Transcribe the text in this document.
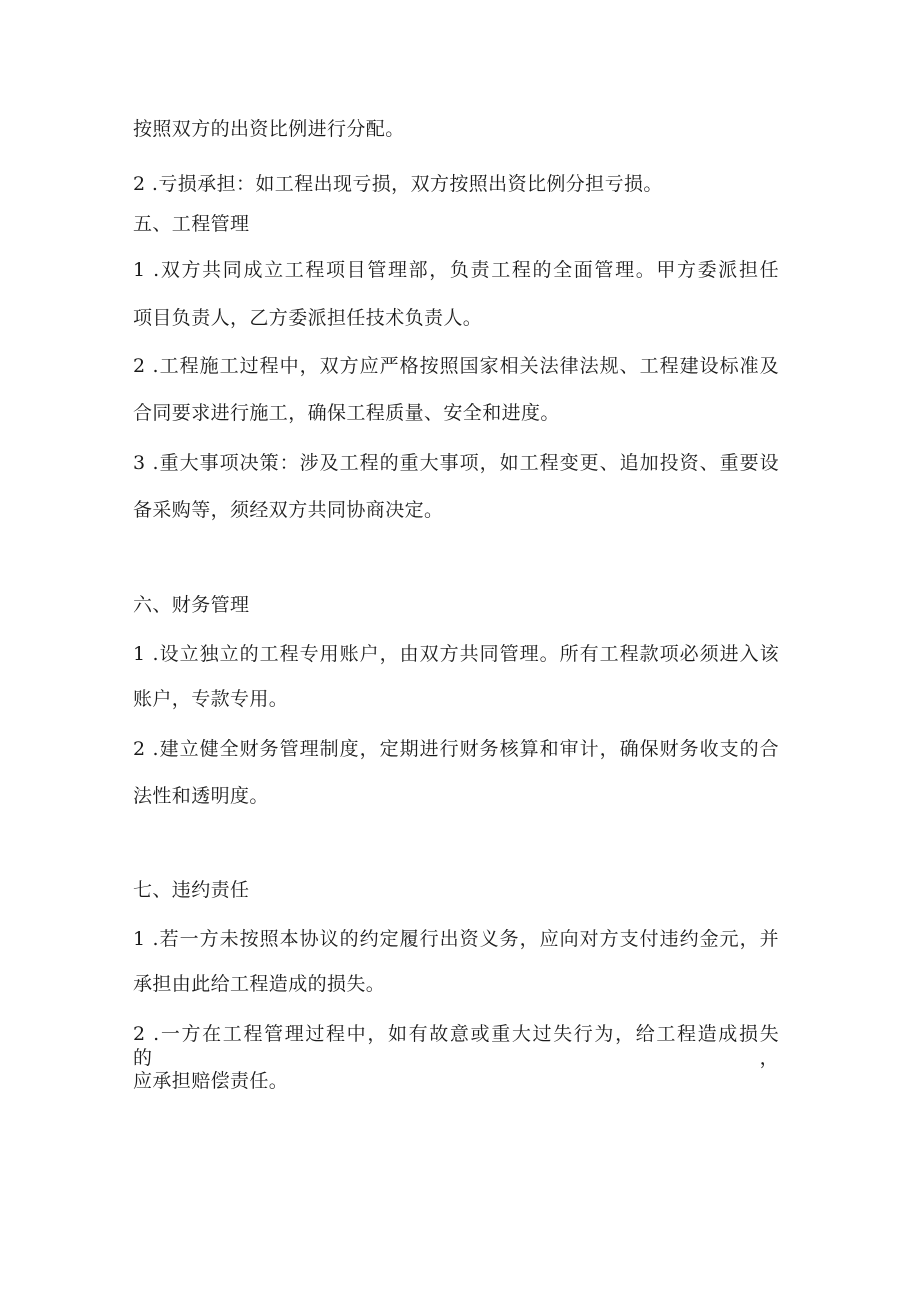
按照双方的出资比例进行分配。
2 .亏损承担：如工程出现亏损，双方按照出资比例分担亏损。
五、工程管理
1 .双方共同成立工程项目管理部，负责工程的全面管理。甲方委派担任
项目负责人，乙方委派担任技术负责人。
2 .工程施工过程中，双方应严格按照国家相关法律法规、工程建设标准及
合同要求进行施工，确保工程质量、安全和进度。
3 .重大事项决策：涉及工程的重大事项，如工程变更、追加投资、重要设
备采购等，须经双方共同协商决定。
六、财务管理
1 .设立独立的工程专用账户，由双方共同管理。所有工程款项必须进入该
账户，专款专用。
2 .建立健全财务管理制度，定期进行财务核算和审计，确保财务收支的合
法性和透明度。
七、违约责任
1 .若一方未按照本协议的约定履行出资义务，应向对方支付违约金元，并
承担由此给工程造成的损失。
2 .一方在工程管理过程中，如有故意或重大过失行为，给工程造成损失的，
应承担赔偿责任。
